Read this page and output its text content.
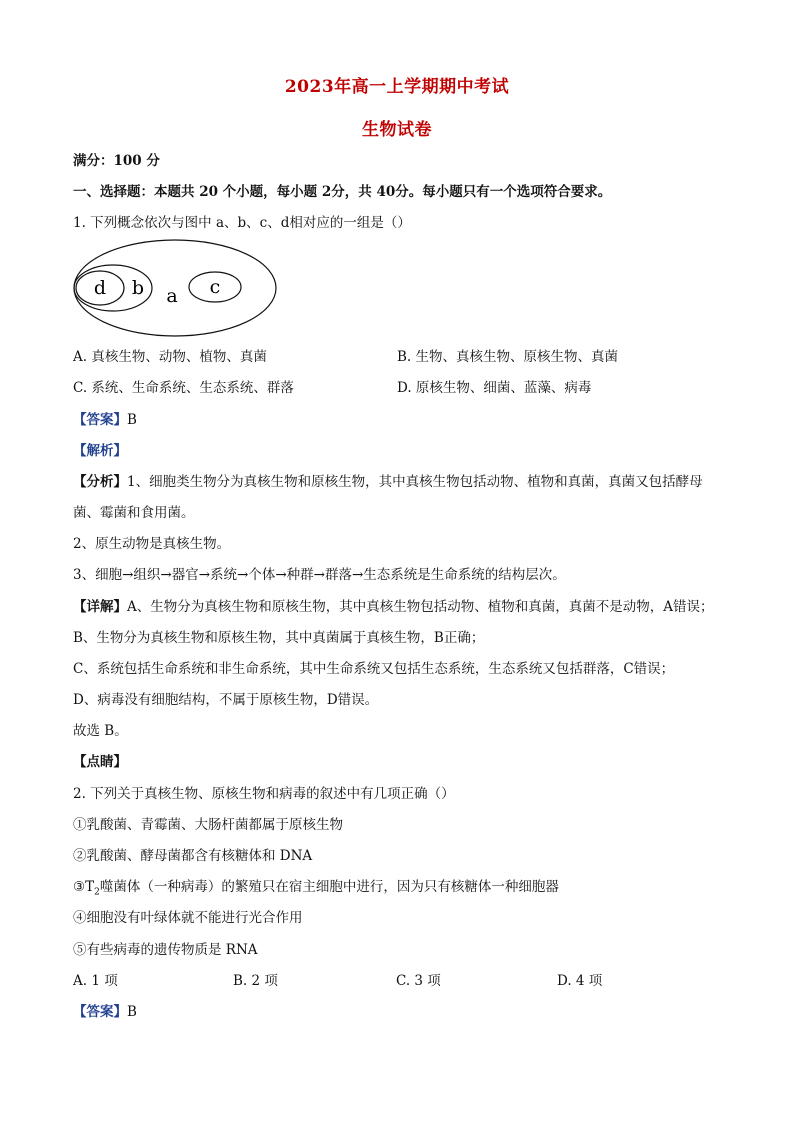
2023年高一上学期期中考试
生物试卷
满分：100 分
一、选择题：本题共 20 个小题，每小题 2分，共 40分。每小题只有一个选项符合要求。
1. 下列概念依次与图中 a、b、c、d相对应的一组是（）
d b a c
A. 真核生物、动物、植物、真菌	B. 生物、真核生物、原核生物、真菌
C. 系统、生命系统、生态系统、群落	D. 原核生物、细菌、蓝藻、病毒
【答案】B
【解析】
【分析】1、细胞类生物分为真核生物和原核生物，其中真核生物包括动物、植物和真菌，真菌又包括酵母
菌、霉菌和食用菌。
2、原生动物是真核生物。
3、细胞→组织→器官→系统→个体→种群→群落→生态系统是生命系统的结构层次。
【详解】A、生物分为真核生物和原核生物，其中真核生物包括动物、植物和真菌，真菌不是动物，A错误；
B、生物分为真核生物和原核生物，其中真菌属于真核生物，B正确；
C、系统包括生命系统和非生命系统，其中生命系统又包括生态系统，生态系统又包括群落，C错误；
D、病毒没有细胞结构，不属于原核生物，D错误。
故选 B。
【点睛】
2. 下列关于真核生物、原核生物和病毒的叙述中有几项正确（）
①乳酸菌、青霉菌、大肠杆菌都属于原核生物
②乳酸菌、酵母菌都含有核糖体和 DNA
$③T_2$噬菌体（一种病毒）的繁殖只在宿主细胞中进行，因为只有核糖体一种细胞器
④细胞没有叶绿体就不能进行光合作用
⑤有些病毒的遗传物质是 RNA
A. 1 项	B. 2 项	C. 3 项	D. 4 项
【答案】B
